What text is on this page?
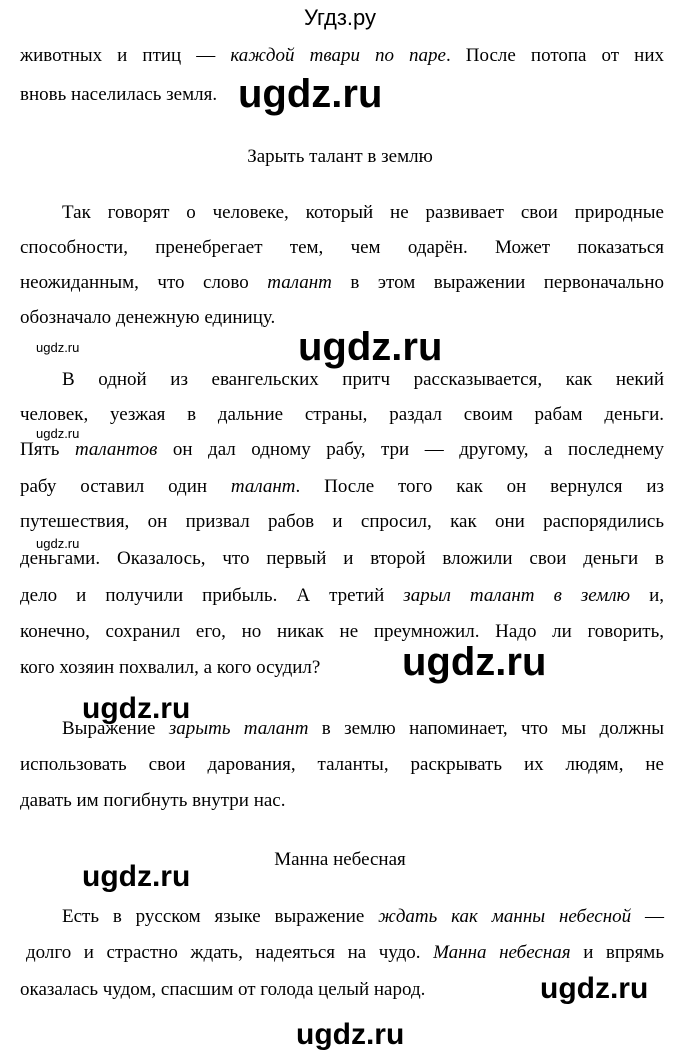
Угдз.ру
животных и птиц — каждой твари по паре. После потопа от них
вновь населилась земля. ugdz.ru
Зарыть талант в землю
Так говорят о человеке, который не развивает свои природные
способности, пренебрегает тем, чем одарён. Может показаться
неожиданным, что слово талант в этом выражении первоначально
обозначало денежную единицу.
ugdz.ru	ugdz.ru
В одной из евангельских притч рассказывается, как некий
человек, уезжая в дальние страны, раздал своим рабам деньги.
ugdz.ru
Пять талантов он дал одному рабу, три — другому, а последнему
рабу оставил один талант. После того как он вернулся из
путешествия, он призвал рабов и спросил, как они распорядились
ugdz.ru
деньгами. Оказалось, что первый и второй вложили свои деньги в
дело и получили прибыль. А третий зарыл талант в землю и,
конечно, сохранил его, но никак не преумножил. Надо ли говорить,
кого хозяин похвалил, а кого осудил?	ugdz.ru
ugdz.ru
Выражение зарыть талант в землю напоминает, что мы должны
использовать свои дарования, таланты, раскрывать их людям, не
давать им погибнуть внутри нас.
Манна небесная
ugdz.ru
Есть в русском языке выражение ждать как манны небесной —
долго и страстно ждать, надеяться на чудо. Манна небесная и впрямь
оказалась чудом, спасшим от голода целый народ.	ugdz.ru
ugdz.ru
